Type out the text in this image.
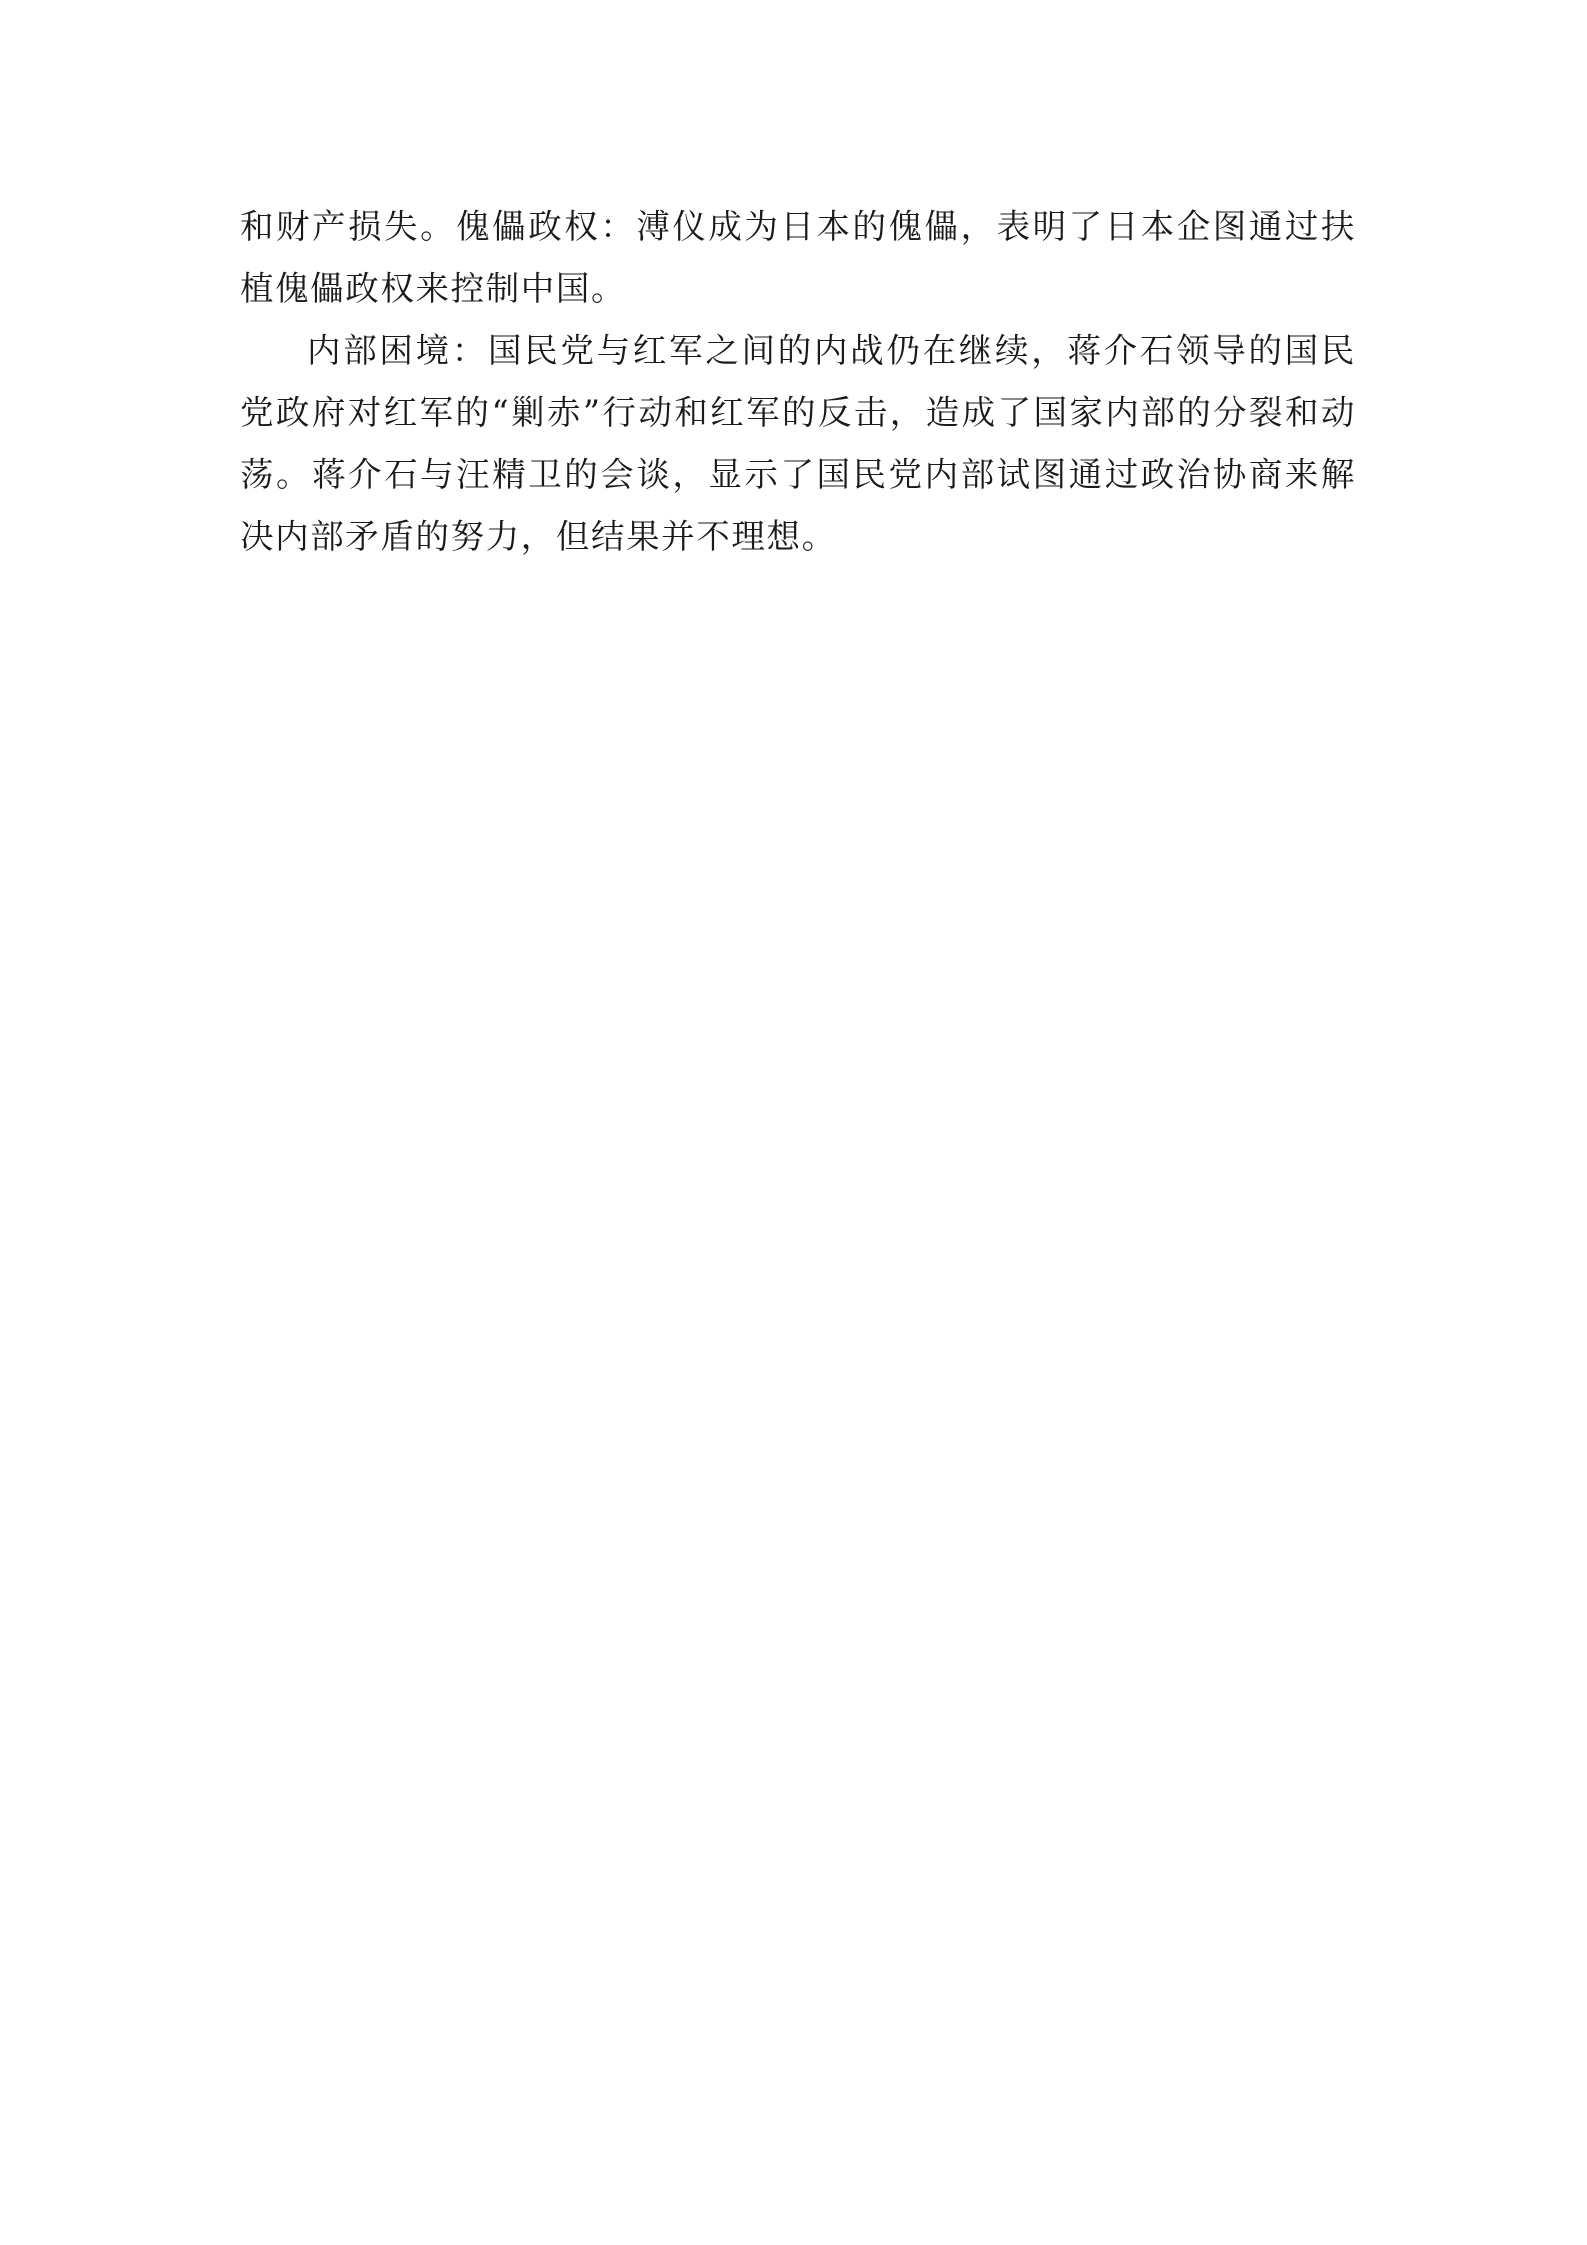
和财产损失。傀儡政权：溥仪成为日本的傀儡，表明了日本企图通过扶植傀儡政权来控制中国。

内部困境：国民党与红军之间的内战仍在继续，蒋介石领导的国民党政府对红军的“剿赤”行动和红军的反击，造成了国家内部的分裂和动荡。蒋介石与汪精卫的会谈，显示了国民党内部试图通过政治协商来解决内部矛盾的努力，但结果并不理想。
